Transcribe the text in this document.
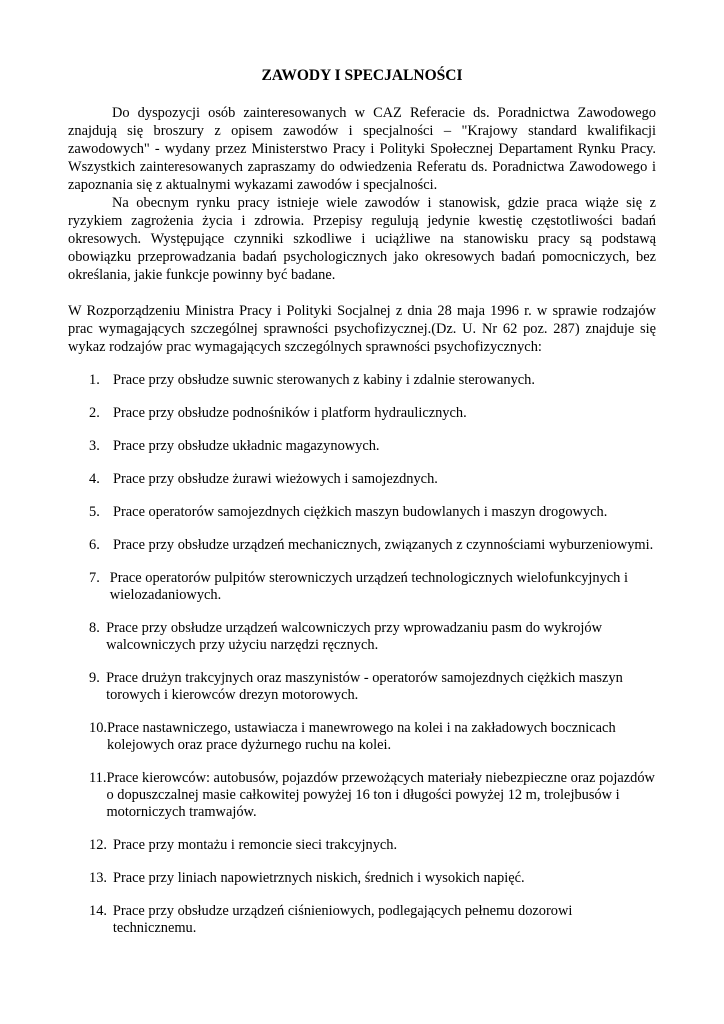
ZAWODY I SPECJALNOŚCI

Do dyspozycji osób zainteresowanych w CAZ Referacie ds. Poradnictwa Zawodowego znajdują się broszury z opisem zawodów i specjalności – "Krajowy standard kwalifikacji zawodowych" - wydany przez Ministerstwo Pracy i Polityki Społecznej Departament Rynku Pracy. Wszystkich zainteresowanych zapraszamy do odwiedzenia Referatu ds. Poradnictwa Zawodowego i zapoznania się z aktualnymi wykazami zawodów i specjalności.

Na obecnym rynku pracy istnieje wiele zawodów i stanowisk, gdzie praca wiąże się z ryzykiem zagrożenia życia i zdrowia. Przepisy regulują jedynie kwestię częstotliwości badań okresowych. Występujące czynniki szkodliwe i uciążliwe na stanowisku pracy są podstawą obowiązku przeprowadzania badań psychologicznych jako okresowych badań pomocniczych, bez określania, jakie funkcje powinny być badane.

W Rozporządzeniu Ministra Pracy i Polityki Socjalnej z dnia 28 maja 1996 r. w sprawie rodzajów prac wymagających szczególnej sprawności psychofizycznej.(Dz. U. Nr 62 poz. 287) znajduje się wykaz rodzajów prac wymagających szczególnych sprawności psychofizycznych:

1. Prace przy obsłudze suwnic sterowanych z kabiny i zdalnie sterowanych.
2. Prace przy obsłudze podnośników i platform hydraulicznych.
3. Prace przy obsłudze układnic magazynowych.
4. Prace przy obsłudze żurawi wieżowych i samojezdnych.
5. Prace operatorów samojezdnych ciężkich maszyn budowlanych i maszyn drogowych.
6. Prace przy obsłudze urządzeń mechanicznych, związanych z czynnościami wyburzeniowymi.
7. Prace operatorów pulpitów sterowniczych urządzeń technologicznych wielofunkcyjnych i wielozadaniowych.
8. Prace przy obsłudze urządzeń walcowniczych przy wprowadzaniu pasm do wykrojów walcowniczych przy użyciu narzędzi ręcznych.
9. Prace drużyn trakcyjnych oraz maszynistów - operatorów samojezdnych ciężkich maszyn torowych i kierowców drezyn motorowych.
10. Prace nastawniczego, ustawiacza i manewrowego na kolei i na zakładowych bocznicach kolejowych oraz prace dyżurnego ruchu na kolei.
11. Prace kierowców: autobusów, pojazdów przewożących materiały niebezpieczne oraz pojazdów o dopuszczalnej masie całkowitej powyżej 16 ton i długości powyżej 12 m, trolejbusów i motorniczych tramwajów.
12. Prace przy montażu i remoncie sieci trakcyjnych.
13. Prace przy liniach napowietrznych niskich, średnich i wysokich napięć.
14. Prace przy obsłudze urządzeń ciśnieniowych, podlegających pełnemu dozorowi technicznemu.
